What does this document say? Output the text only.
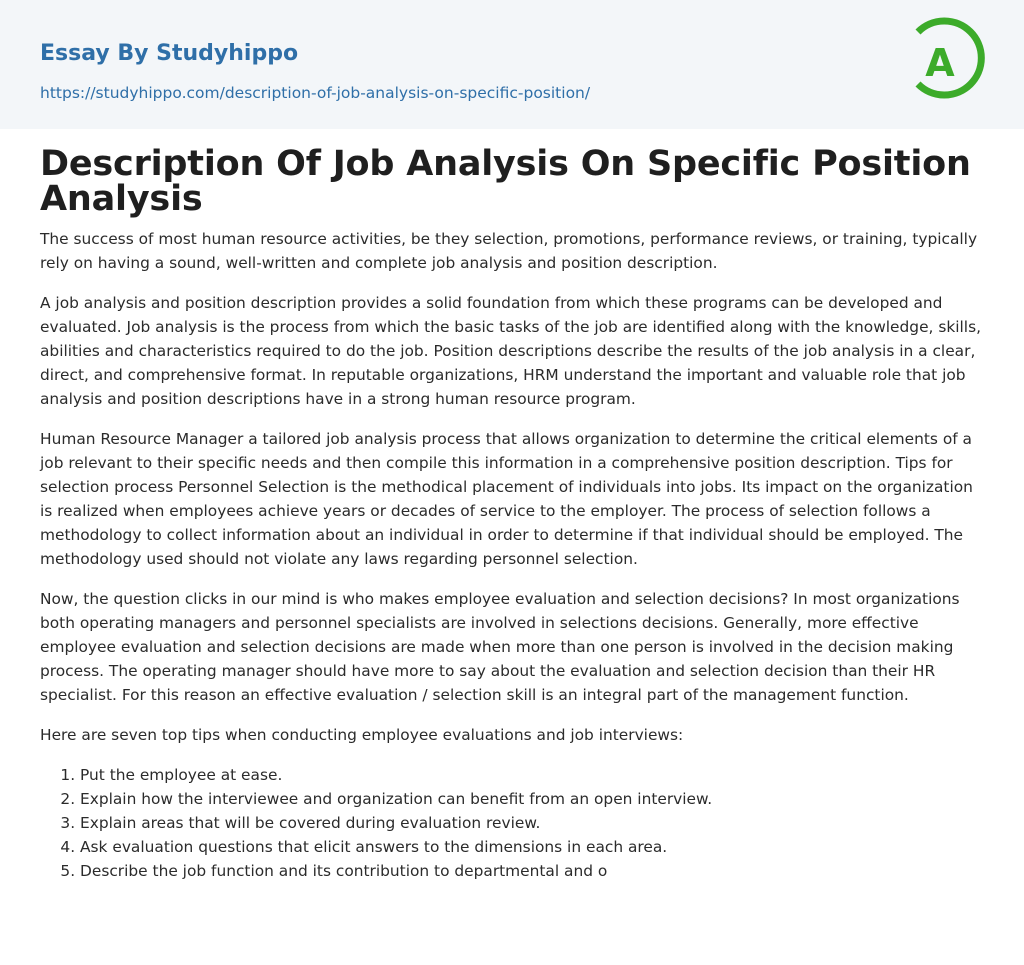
Essay By Studyhippo
https://studyhippo.com/description-of-job-analysis-on-specific-position/
A
Description Of Job Analysis On Specific Position Analysis

The success of most human resource activities, be they selection, promotions, performance reviews, or training, typically rely on having a sound, well-written and complete job analysis and position description.

A job analysis and position description provides a solid foundation from which these programs can be developed and evaluated. Job analysis is the process from which the basic tasks of the job are identified along with the knowledge, skills, abilities and characteristics required to do the job. Position descriptions describe the results of the job analysis in a clear, direct, and comprehensive format. In reputable organizations, HRM understand the important and valuable role that job analysis and position descriptions have in a strong human resource program.

Human Resource Manager a tailored job analysis process that allows organization to determine the critical elements of a job relevant to their specific needs and then compile this information in a comprehensive position description. Tips for selection process Personnel Selection is the methodical placement of individuals into jobs. Its impact on the organization is realized when employees achieve years or decades of service to the employer. The process of selection follows a methodology to collect information about an individual in order to determine if that individual should be employed. The methodology used should not violate any laws regarding personnel selection.

Now, the question clicks in our mind is who makes employee evaluation and selection decisions? In most organizations both operating managers and personnel specialists are involved in selections decisions. Generally, more effective employee evaluation and selection decisions are made when more than one person is involved in the decision making process. The operating manager should have more to say about the evaluation and selection decision than their HR specialist. For this reason an effective evaluation / selection skill is an integral part of the management function.

Here are seven top tips when conducting employee evaluations and job interviews:

1. Put the employee at ease.
2. Explain how the interviewee and organization can benefit from an open interview.
3. Explain areas that will be covered during evaluation review.
4. Ask evaluation questions that elicit answers to the dimensions in each area.
5. Describe the job function and its contribution to departmental and o
